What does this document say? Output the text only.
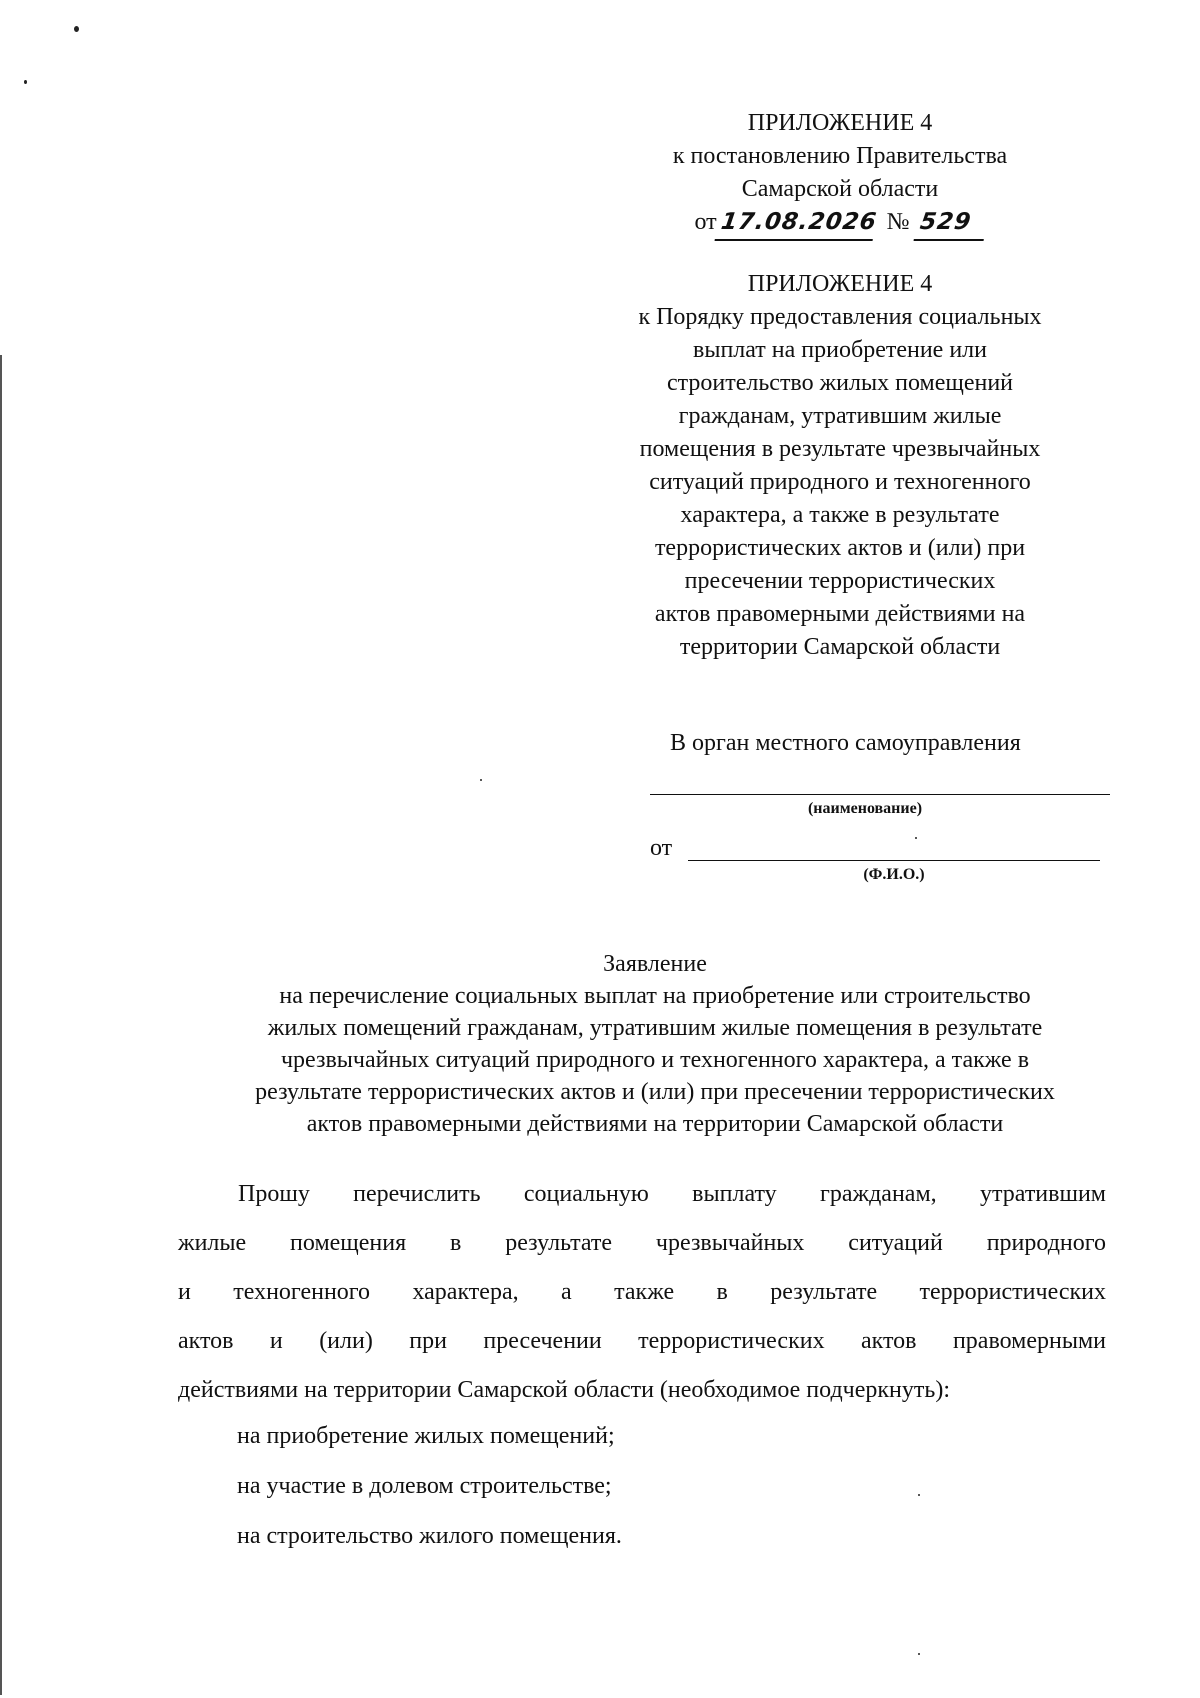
ПРИЛОЖЕНИЕ 4
к постановлению Правительства
Самарской области
от 17.08.2026 № 529
ПРИЛОЖЕНИЕ 4
к Порядку предоставления социальных
выплат на приобретение или
строительство жилых помещений
гражданам, утратившим жилые
помещения в результате чрезвычайных
ситуаций природного и техногенного
характера, а также в результате
террористических актов и (или) при
пресечении террористических
актов правомерными действиями на
территории Самарской области
В орган местного самоуправления
(наименование)
от
(Ф.И.О.)
Заявление
на перечисление социальных выплат на приобретение или строительство
жилых помещений гражданам, утратившим жилые помещения в результате
чрезвычайных ситуаций природного и техногенного характера, а также в
результате террористических актов и (или) при пресечении террористических
актов правомерными действиями на территории Самарской области
Прошу перечислить социальную выплату гражданам, утратившим
жилые помещения в результате чрезвычайных ситуаций природного
и техногенного характера, а также в результате террористических
актов и (или) при пресечении террористических актов правомерными
действиями на территории Самарской области (необходимое подчеркнуть):
на приобретение жилых помещений;
на участие в долевом строительстве;
на строительство жилого помещения.
